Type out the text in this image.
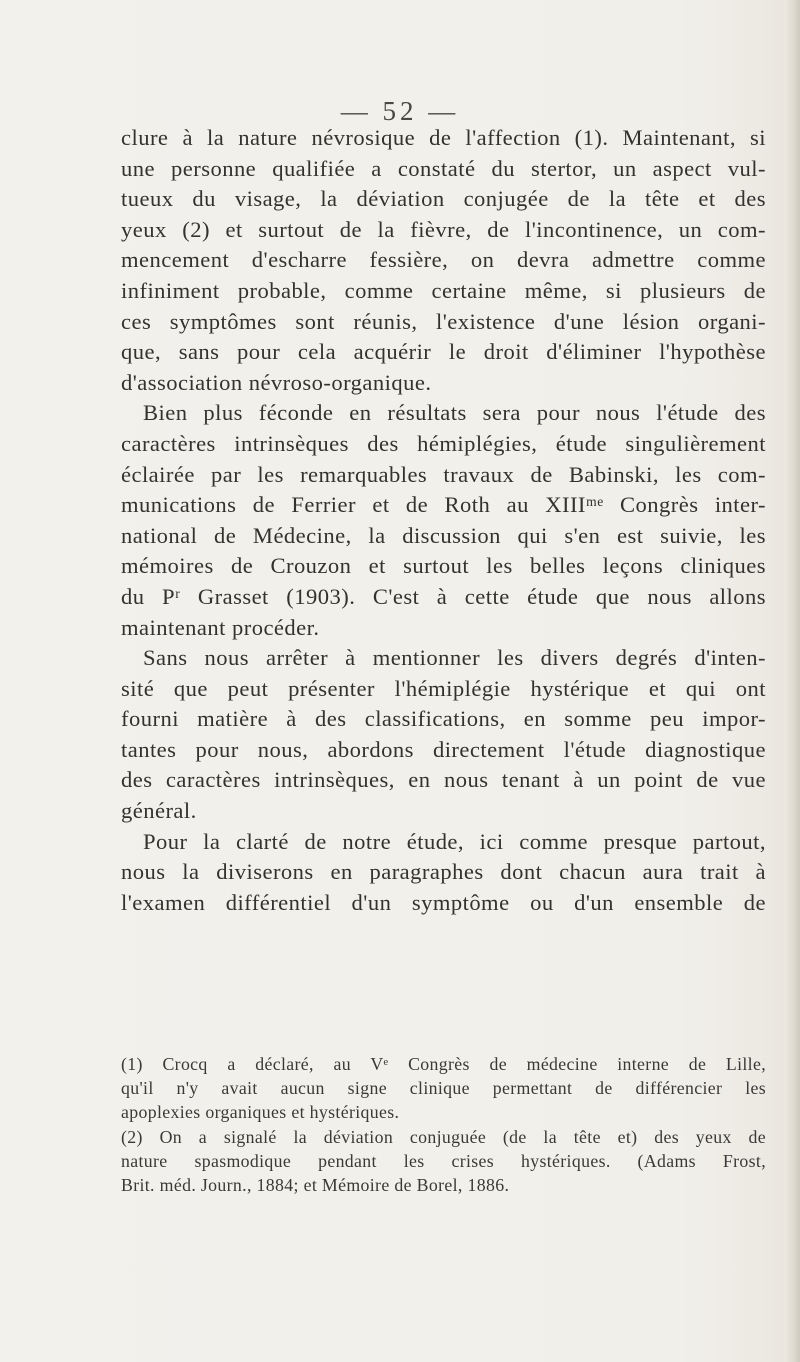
— 52 —
clure à la nature névrosique de l'affection (1). Maintenant, si
une personne qualifiée a constaté du stertor, un aspect vul-
tueux du visage, la déviation conjugée de la tête et des
yeux (2) et surtout de la fièvre, de l'incontinence, un com-
mencement d'escharre fessière, on devra admettre comme
infiniment probable, comme certaine même, si plusieurs de
ces symptômes sont réunis, l'existence d'une lésion organi-
que, sans pour cela acquérir le droit d'éliminer l'hypothèse
d'association névroso-organique.
Bien plus féconde en résultats sera pour nous l'étude des
caractères intrinsèques des hémiplégies, étude singulièrement
éclairée par les remarquables travaux de Babinski, les com-
munications de Ferrier et de Roth au XIIIᵐᵉ Congrès inter-
national de Médecine, la discussion qui s'en est suivie, les
mémoires de Crouzon et surtout les belles leçons cliniques
du Pʳ Grasset (1903). C'est à cette étude que nous allons
maintenant procéder.
Sans nous arrêter à mentionner les divers degrés d'inten-
sité que peut présenter l'hémiplégie hystérique et qui ont
fourni matière à des classifications, en somme peu impor-
tantes pour nous, abordons directement l'étude diagnostique
des caractères intrinsèques, en nous tenant à un point de vue
général.
Pour la clarté de notre étude, ici comme presque partout,
nous la diviserons en paragraphes dont chacun aura trait à
l'examen différentiel d'un symptôme ou d'un ensemble de
(1) Crocq a déclaré, au Vᵉ Congrès de médecine interne de Lille,
qu'il n'y avait aucun signe clinique permettant de différencier les
apoplexies organiques et hystériques.
(2) On a signalé la déviation conjuguée (de la tête et) des yeux de
nature spasmodique pendant les crises hystériques. (Adams Frost,
Brit. méd. Journ., 1884; et Mémoire de Borel, 1886.
